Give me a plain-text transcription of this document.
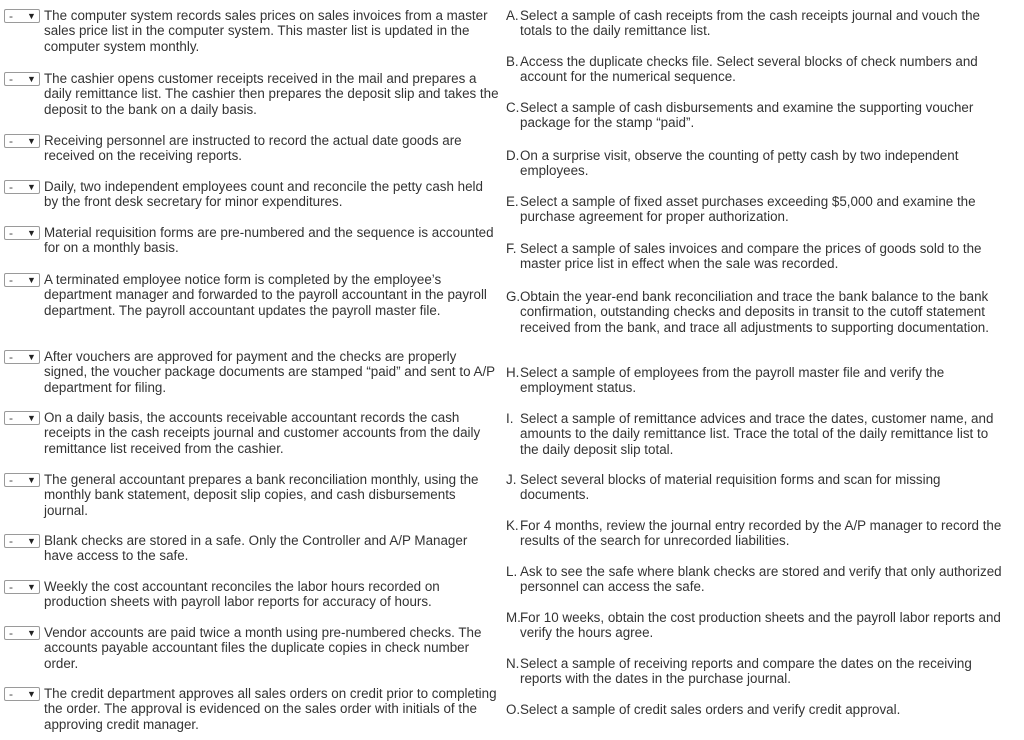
- ▼ The computer system records sales prices on sales invoices from a master sales price list in the computer system. This master list is updated in the computer system monthly.
- ▼ The cashier opens customer receipts received in the mail and prepares a daily remittance list. The cashier then prepares the deposit slip and takes the deposit to the bank on a daily basis.
- ▼ Receiving personnel are instructed to record the actual date goods are received on the receiving reports.
- ▼ Daily, two independent employees count and reconcile the petty cash held by the front desk secretary for minor expenditures.
- ▼ Material requisition forms are pre-numbered and the sequence is accounted for on a monthly basis.
- ▼ A terminated employee notice form is completed by the employee’s department manager and forwarded to the payroll accountant in the payroll department. The payroll accountant updates the payroll master file.
- ▼ After vouchers are approved for payment and the checks are properly signed, the voucher package documents are stamped “paid” and sent to A/P department for filing.
- ▼ On a daily basis, the accounts receivable accountant records the cash receipts in the cash receipts journal and customer accounts from the daily remittance list received from the cashier.
- ▼ The general accountant prepares a bank reconciliation monthly, using the monthly bank statement, deposit slip copies, and cash disbursements journal.
- ▼ Blank checks are stored in a safe. Only the Controller and A/P Manager have access to the safe.
- ▼ Weekly the cost accountant reconciles the labor hours recorded on production sheets with payroll labor reports for accuracy of hours.
- ▼ Vendor accounts are paid twice a month using pre-numbered checks. The accounts payable accountant files the duplicate copies in check number order.
- ▼ The credit department approves all sales orders on credit prior to completing the order. The approval is evidenced on the sales order with initials of the approving credit manager.
A. Select a sample of cash receipts from the cash receipts journal and vouch the totals to the daily remittance list.
B. Access the duplicate checks file. Select several blocks of check numbers and account for the numerical sequence.
C. Select a sample of cash disbursements and examine the supporting voucher package for the stamp “paid”.
D. On a surprise visit, observe the counting of petty cash by two independent employees.
E. Select a sample of fixed asset purchases exceeding $5,000 and examine the purchase agreement for proper authorization.
F. Select a sample of sales invoices and compare the prices of goods sold to the master price list in effect when the sale was recorded.
G. Obtain the year-end bank reconciliation and trace the bank balance to the bank confirmation, outstanding checks and deposits in transit to the cutoff statement received from the bank, and trace all adjustments to supporting documentation.
H. Select a sample of employees from the payroll master file and verify the employment status.
I. Select a sample of remittance advices and trace the dates, customer name, and amounts to the daily remittance list. Trace the total of the daily remittance list to the daily deposit slip total.
J. Select several blocks of material requisition forms and scan for missing documents.
K. For 4 months, review the journal entry recorded by the A/P manager to record the results of the search for unrecorded liabilities.
L. Ask to see the safe where blank checks are stored and verify that only authorized personnel can access the safe.
M. For 10 weeks, obtain the cost production sheets and the payroll labor reports and verify the hours agree.
N. Select a sample of receiving reports and compare the dates on the receiving reports with the dates in the purchase journal.
O. Select a sample of credit sales orders and verify credit approval.
